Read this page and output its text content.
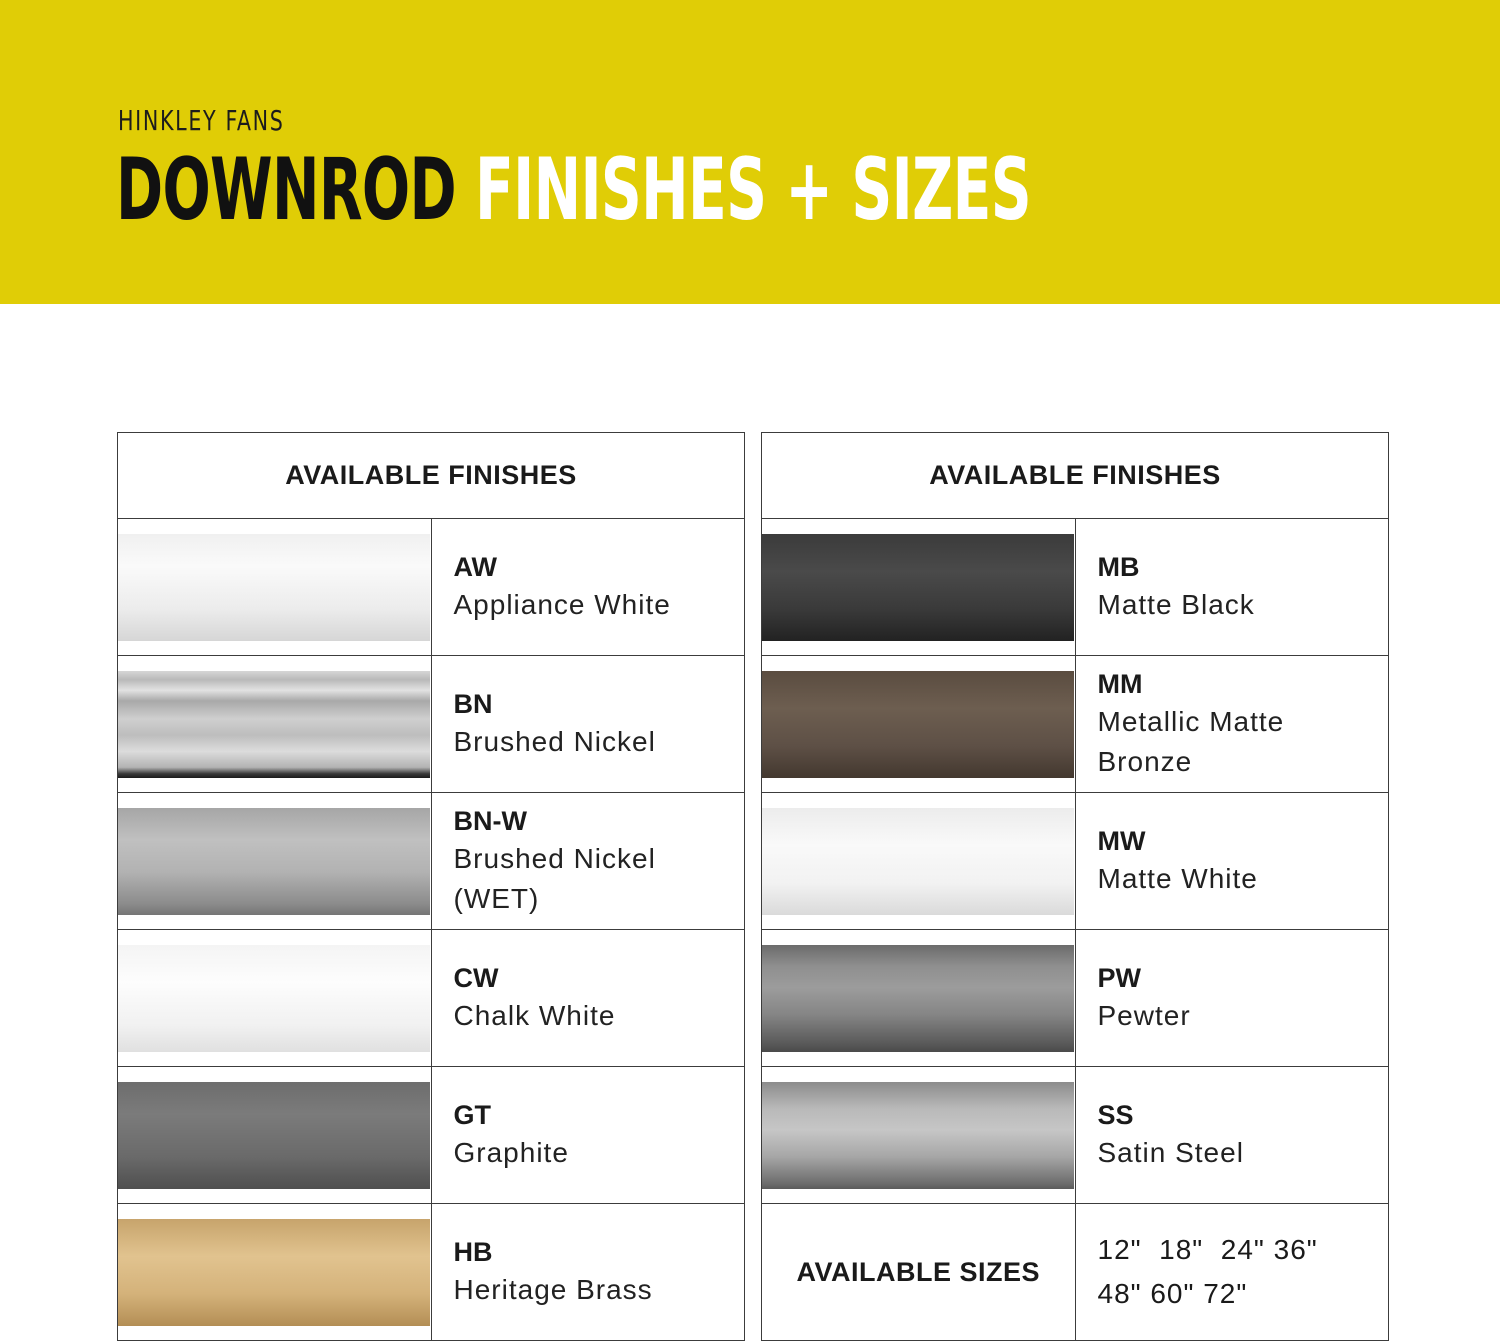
HINKLEY FANS
DOWNROD FINISHES + SIZES
AVAILABLE FINISHES	

	AW
Appliance White

	BN
Brushed Nickel

	BN-W
Brushed Nickel (WET)

	CW
Chalk White

	GT
Graphite

	HB
Heritage Brass
AVAILABLE FINISHES	

	MB
Matte Black

	MM
Metallic Matte Bronze

	MW
Matte White

	PW
Pewter

	SS
Satin Steel

AVAILABLE SIZES	12"  18"  24" 36"
48" 60" 72"
